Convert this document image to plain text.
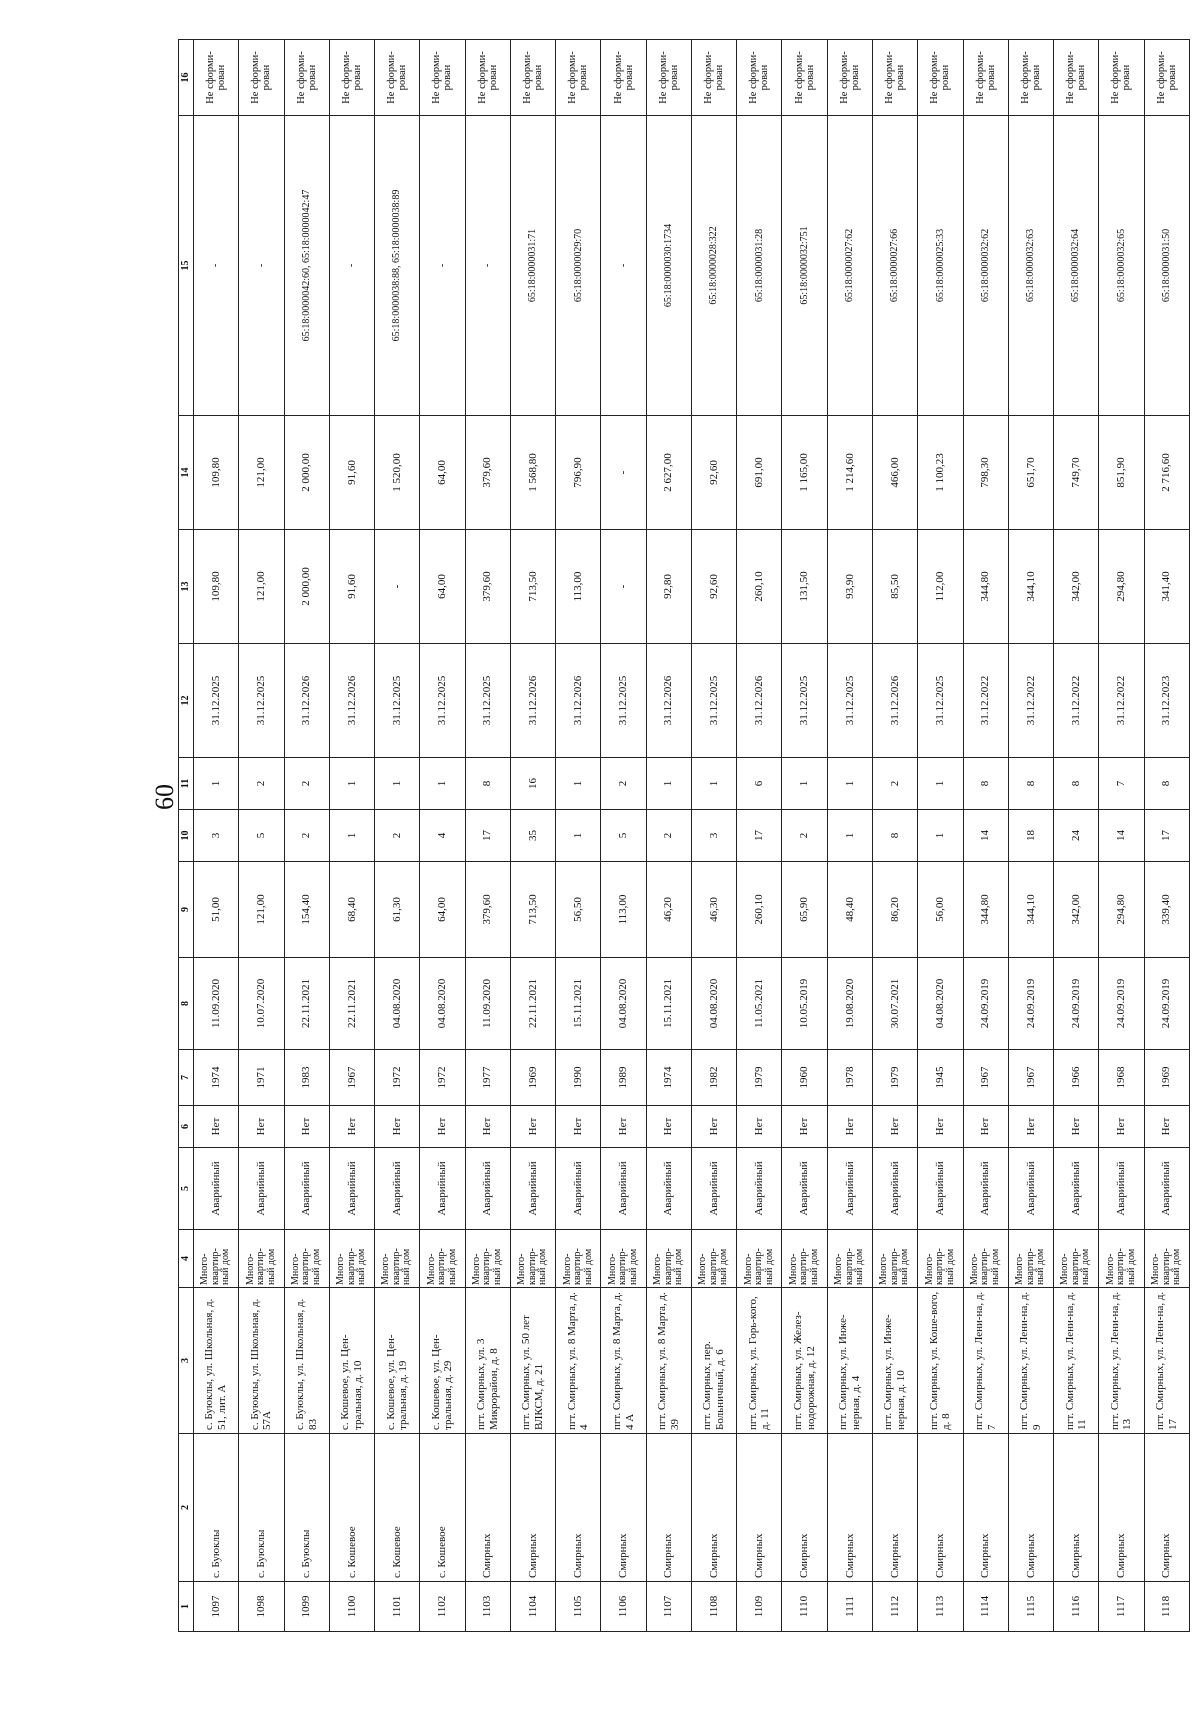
60
1	2	3	4	5	6	7	8	9	10	11	12	13	14	15	16
1097	с. Буюклы	с. Буюклы, ул. Школьная, д. 51, лит. А	Много-квартир-ный дом	Аварийный	Нет	1974	11.09.2020	51,00	3	1	31.12.2025	109,80	109,80	-	Не сформи-рован
1098	с. Буюклы	с. Буюклы, ул. Школьная, д. 57А	Много-квартир-ный дом	Аварийный	Нет	1971	10.07.2020	121,00	5	2	31.12.2025	121,00	121,00	-	Не сформи-рован
1099	с. Буюклы	с. Буюклы, ул. Школьная, д. 83	Много-квартир-ный дом	Аварийный	Нет	1983	22.11.2021	154,40	2	2	31.12.2026	2 000,00	2 000,00	65:18:0000042:60, 65:18:0000042:47	Не сформи-рован
1100	с. Кошевое	с. Кошевое, ул. Цен-тральная, д. 10	Много-квартир-ный дом	Аварийный	Нет	1967	22.11.2021	68,40	1	1	31.12.2026	91,60	91,60	-	Не сформи-рован
1101	с. Кошевое	с. Кошевое, ул. Цен-тральная, д. 19	Много-квартир-ный дом	Аварийный	Нет	1972	04.08.2020	61,30	2	1	31.12.2025	-	1 520,00	65:18:0000038:88, 65:18:0000038:89	Не сформи-рован
1102	с. Кошевое	с. Кошевое, ул. Цен-тральная, д. 29	Много-квартир-ный дом	Аварийный	Нет	1972	04.08.2020	64,00	4	1	31.12.2025	64,00	64,00	-	Не сформи-рован
1103	Смирных	пгт. Смирных, ул. 3 Микрорайон, д. 8	Много-квартир-ный дом	Аварийный	Нет	1977	11.09.2020	379,60	17	8	31.12.2025	379,60	379,60	-	Не сформи-рован
1104	Смирных	пгт. Смирных, ул. 50 лет ВЛКСМ, д. 21	Много-квартир-ный дом	Аварийный	Нет	1969	22.11.2021	713,50	35	16	31.12.2026	713,50	1 568,80	65:18:0000031:71	Не сформи-рован
1105	Смирных	пгт. Смирных, ул. 8 Марта, д. 4	Много-квартир-ный дом	Аварийный	Нет	1990	15.11.2021	56,50	1	1	31.12.2026	113,00	796,90	65:18:0000029:70	Не сформи-рован
1106	Смирных	пгт. Смирных, ул. 8 Марта, д. 4 А	Много-квартир-ный дом	Аварийный	Нет	1989	04.08.2020	113,00	5	2	31.12.2025	-	-	-	Не сформи-рован
1107	Смирных	пгт. Смирных, ул. 8 Марта, д. 39	Много-квартир-ный дом	Аварийный	Нет	1974	15.11.2021	46,20	2	1	31.12.2026	92,80	2 627,00	65:18:0000030:1734	Не сформи-рован
1108	Смирных	пгт. Смирных, пер. Больничный, д. 6	Много-квартир-ный дом	Аварийный	Нет	1982	04.08.2020	46,30	3	1	31.12.2025	92,60	92,60	65:18:0000028:322	Не сформи-рован
1109	Смирных	пгт. Смирных, ул. Горь-кого, д. 11	Много-квартир-ный дом	Аварийный	Нет	1979	11.05.2021	260,10	17	6	31.12.2026	260,10	691,00	65:18:0000031:28	Не сформи-рован
1110	Смирных	пгт. Смирных, ул. Желез-нодорожная, д. 12	Много-квартир-ный дом	Аварийный	Нет	1960	10.05.2019	65,90	2	1	31.12.2025	131,50	1 165,00	65:18:0000032:751	Не сформи-рован
1111	Смирных	пгт. Смирных, ул. Инже-нерная, д. 4	Много-квартир-ный дом	Аварийный	Нет	1978	19.08.2020	48,40	1	1	31.12.2025	93,90	1 214,60	65:18:0000027:62	Не сформи-рован
1112	Смирных	пгт. Смирных, ул. Инже-нерная, д. 10	Много-квартир-ный дом	Аварийный	Нет	1979	30.07.2021	86,20	8	2	31.12.2026	85,50	466,00	65:18:0000027:66	Не сформи-рован
1113	Смирных	пгт. Смирных, ул. Коше-вого, д. 8	Много-квартир-ный дом	Аварийный	Нет	1945	04.08.2020	56,00	1	1	31.12.2025	112,00	1 100,23	65:18:0000025:33	Не сформи-рован
1114	Смирных	пгт. Смирных, ул. Лени-на, д. 7	Много-квартир-ный дом	Аварийный	Нет	1967	24.09.2019	344,80	14	8	31.12.2022	344,80	798,30	65:18:0000032:62	Не сформи-рован
1115	Смирных	пгт. Смирных, ул. Лени-на, д. 9	Много-квартир-ный дом	Аварийный	Нет	1967	24.09.2019	344,10	18	8	31.12.2022	344,10	651,70	65:18:0000032:63	Не сформи-рован
1116	Смирных	пгт. Смирных, ул. Лени-на, д. 11	Много-квартир-ный дом	Аварийный	Нет	1966	24.09.2019	342,00	24	8	31.12.2022	342,00	749,70	65:18:0000032:64	Не сформи-рован
1117	Смирных	пгт. Смирных, ул. Лени-на, д. 13	Много-квартир-ный дом	Аварийный	Нет	1968	24.09.2019	294,80	14	7	31.12.2022	294,80	851,90	65:18:0000032:65	Не сформи-рован
1118	Смирных	пгт. Смирных, ул. Лени-на, д. 17	Много-квартир-ный дом	Аварийный	Нет	1969	24.09.2019	339,40	17	8	31.12.2023	341,40	2 716,60	65:18:0000031:50	Не сформи-рован
